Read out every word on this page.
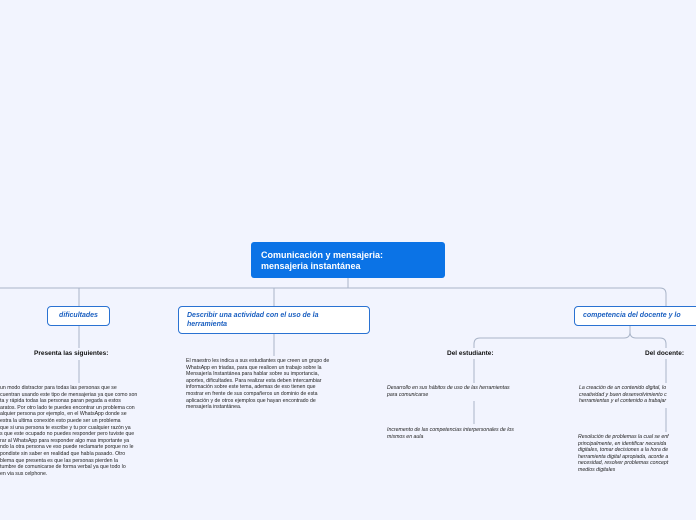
Comunicación y mensajeria:
mensajeria instantánea
dificultades
Presenta las siguientes:
un modo distractor para todas las personas que se
cuentran usando este tipo de mensajerias ya que como son
ta y rápida todas las personas paran pegada a estos
aratos. Por otro lado te puedes encontrar un problema con
alquier persona por ejemplo, en el WhatsApp donde se
estra la ultima conexión esto puede ser un problema
que si una persona te escribe y tu por cualquier razón ya
s que este ocupado no puedes responder pero tuviste que
rar al WhatsApp para responder algo mas importante ya
ndo la otra persona ve eso puede reclamarte porque no le
pondiste sin saber en realidad que había pasado. Otro
blema que presenta es que las personas pierden la
tumbre de comunicarse de forma verbal ya que todo lo
en via sus celphone.
Describir una actividad con el uso de la
herramienta
El maestro les indica a sus estudiantes que creen un grupo de
WhatsApp en triadas, para que realicen un trabajo sobre la
Mensajería Instantánea para hablar sobre su importancia,
aportes, dificultades. Para realizar esta deben intercambiar
información sobre este tema, ademas de eso tienen que
mostrar en frente de sus compañeros un dominio de esta
aplicación y de otros ejemplos que hayan encontrado de
mensajería instantánea.
competencia del docente y lo
Del estudiante:
Desarrollo en sus hábitos de uso de las herramientas
para comunicarse
Incremento de las competencias interpersonales de los
mismos en aula
Del docente:
La creación de un contenido digital, lo
creatividad y buen desenvolvimiento c
herramientas y el contenido a trabajar
Resolución de problemas la cual se enf
principalmente, en identificar necesida
digitales, tomar decisiones a la hora de
herramienta digital apropiada, acorde a
necesidad, resolver problemas concept
medios digitales
